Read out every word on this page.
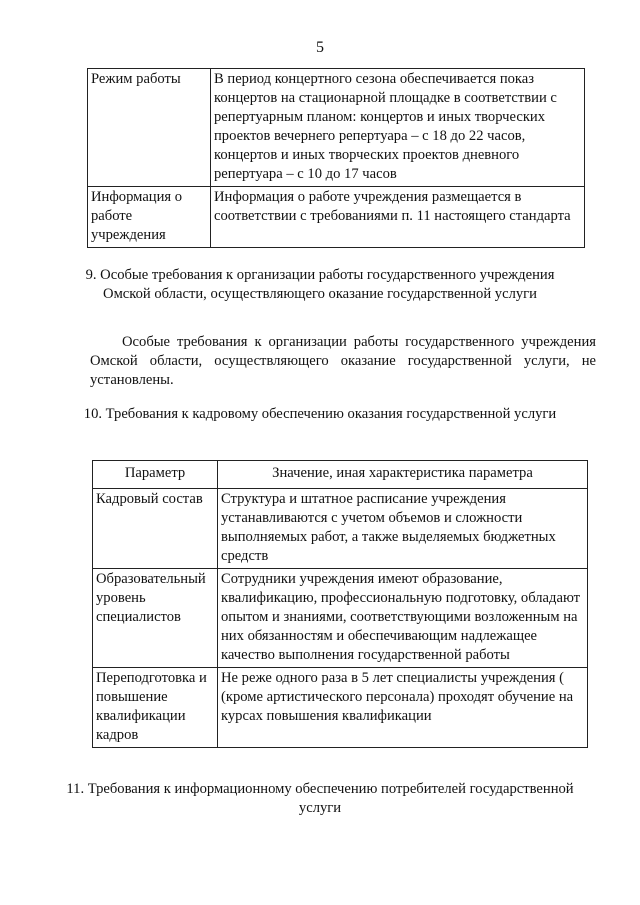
5
Режим работы	В период концертного сезона обеспечивается показ концертов на стационарной площадке в соответствии с репертуарным планом: концертов и иных творческих проектов вечернего репертуара – с 18 до 22 часов, концертов и иных творческих проектов дневного репертуара – с 10 до 17 часов
Информация о работе учреждения	Информация о работе учреждения размещается в соответствии с требованиями п. 11 настоящего стандарта
9. Особые требования к организации работы государственного учреждения Омской области, осуществляющего оказание государственной услуги
Особые требования к организации работы государственного учреждения Омской области, осуществляющего оказание государственной услуги, не установлены.
10. Требования к кадровому обеспечению оказания государственной услуги
Параметр	Значение, иная характеристика параметра
Кадровый состав	Структура и штатное расписание учреждения устанавливаются с учетом объемов и сложности выполняемых работ, а также выделяемых бюджетных средств
Образовательный уровень специалистов	Сотрудники учреждения имеют образование, квалификацию, профессиональную подготовку, обладают опытом и знаниями, соответствующими возложенным на них обязанностям и обеспечивающим надлежащее качество выполнения государственной работы
Переподготовка и повышение квалификации кадров	Не реже одного раза в 5 лет специалисты учреждения ( (кроме артистического персонала) проходят обучение на курсах повышения квалификации
11. Требования к информационному обеспечению потребителей государственной услуги
